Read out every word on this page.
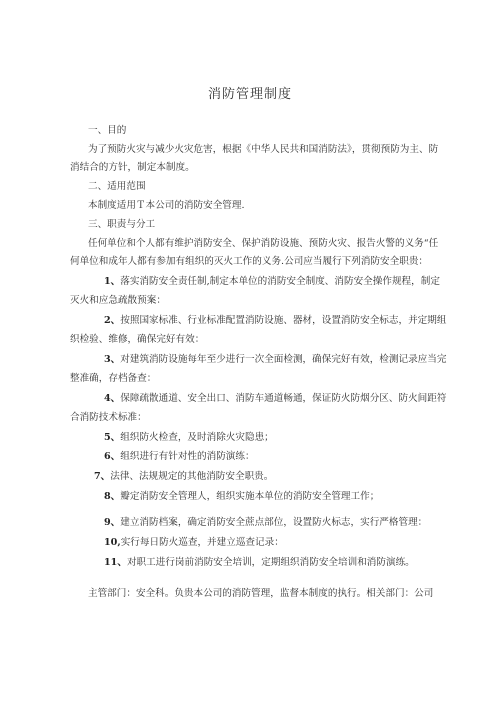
消防管理制度
一、目的
为了预防火灾与减少火灾危害，根据《中华人民共和国消防法》，贯彻预防为主、防
消结合的方针，制定本制度。
二、适用范围
本制度适用Ｔ本公司的消防安全管理.
三、职责与分工
任何单位和个人都有维护消防安全、保护消防设施、预防火灾、报告火警的义务“任
何单位和成年人都有参加有组织的灭火工作的义务.公司应当履行下列消防安全职贵：
1、落实消防安全责任制,制定本单位的消防安全制度、消防安全操作规程，制定
灭火和应急疏散预案：
2、按照国家标准、行业标准配置消防设施、器材，设置消防安全标志，并定期组
织检验、维修，确保完好有效：
3、对建筑消防设施每年至少进行一次全面检测，确保完好有效，检测记录应当完
整准确，存档备查：
4、保障疏散通道、安全出口、消防车通道畅通，保证防火防烟分区、防火间距符
合消防技术标准：
5、组织防火检查，及时消除火灾隐患；
6、组织进行有针对性的消防演练：
7、法律、法规规定的其他消防安全职贵。
8、瓣定消防安全管理人，组织实施本单位的消防安全管理工作；
9、建立消防档案，确定消防安全蔗点部位，设置防火标志，实行严格管理：
10,实行每日防火巡查，并建立巡查记录：
11、对职工进行岗前消防安全培训，定期组织消防安全培训和消防演练。
主管部门：安全科。负贵本公司的消防管理，监督本制度的执行。相关部门：公司
